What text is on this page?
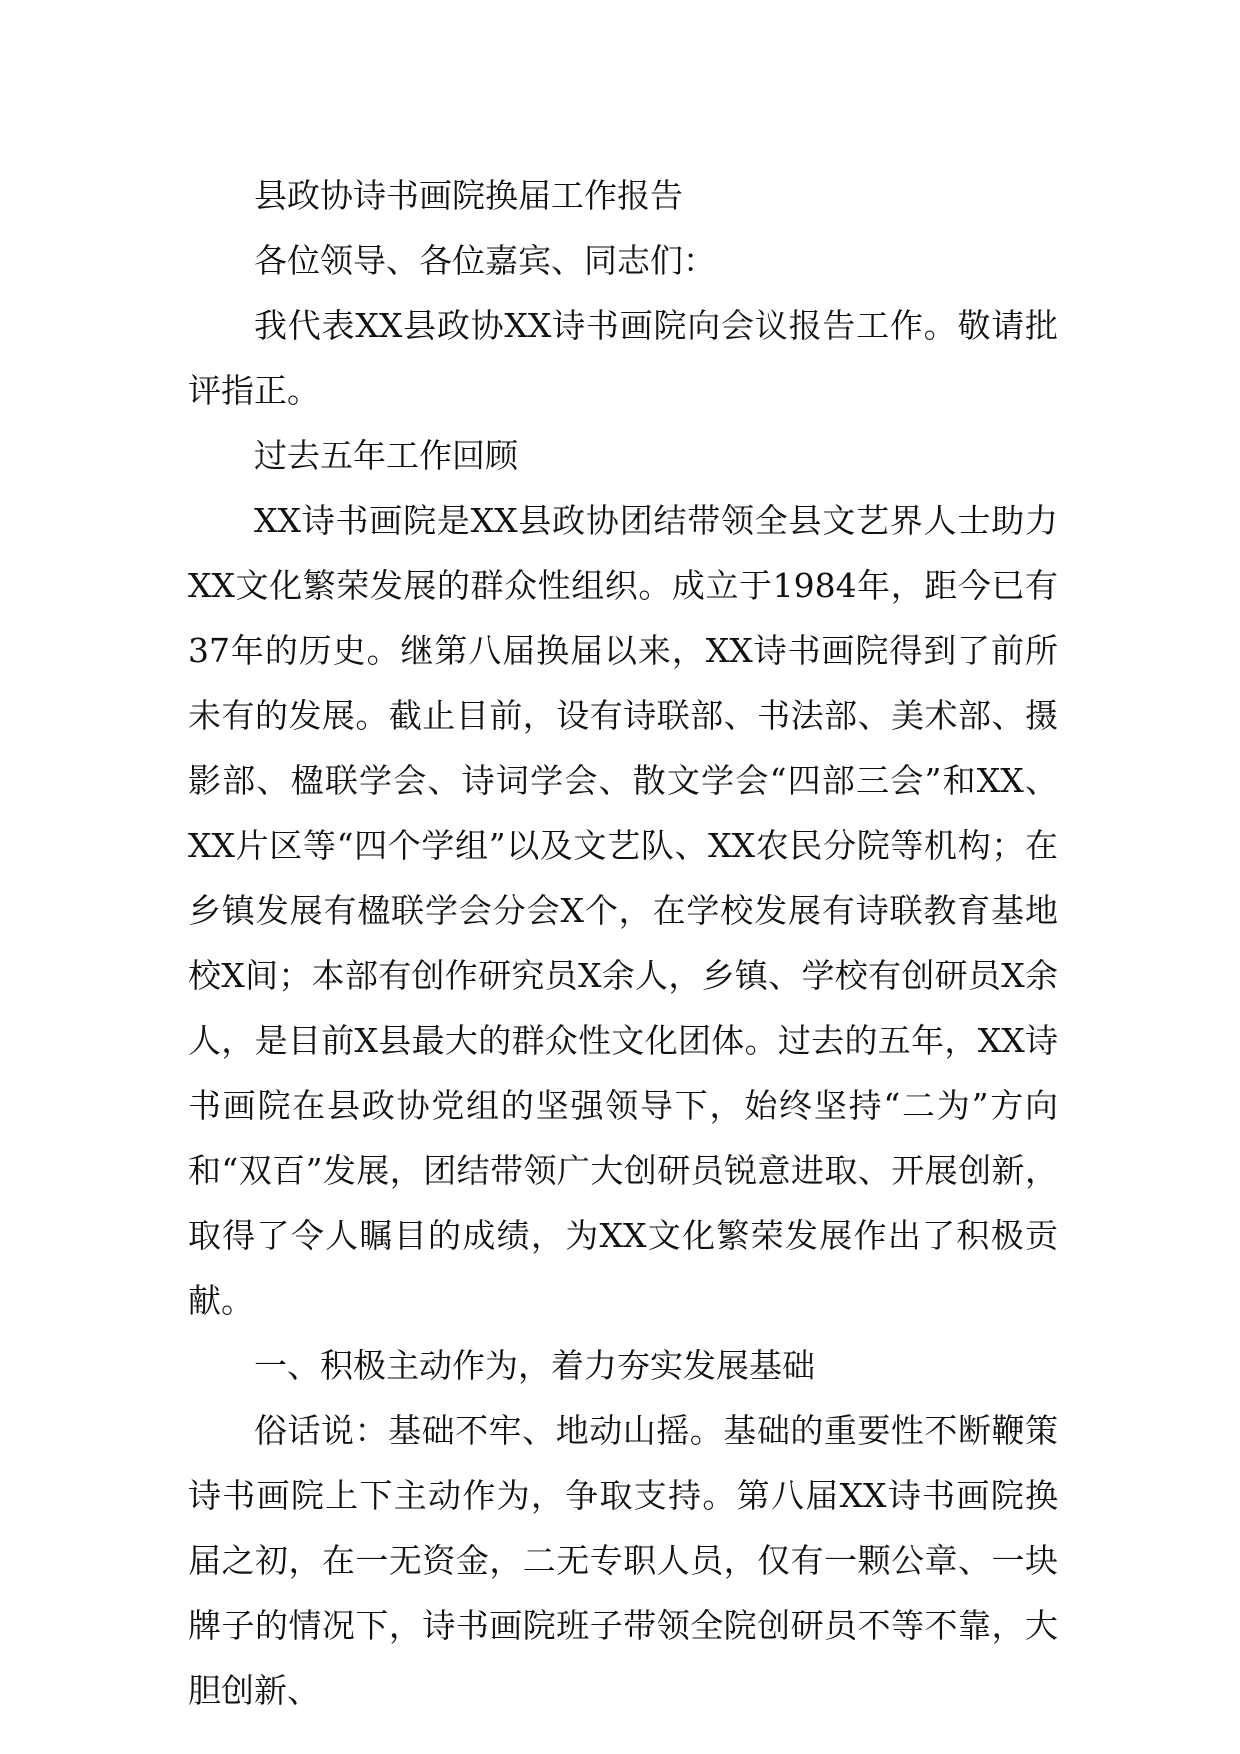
县政协诗书画院换届工作报告

各位领导、各位嘉宾、同志们：

我代表XX县政协XX诗书画院向会议报告工作。敬请批评指正。

过去五年工作回顾

XX诗书画院是XX县政协团结带领全县文艺界人士助力XX文化繁荣发展的群众性组织。成立于1984年，距今已有37年的历史。继第八届换届以来，XX诗书画院得到了前所未有的发展。截止目前，设有诗联部、书法部、美术部、摄影部、楹联学会、诗词学会、散文学会“四部三会”和XX、XX片区等“四个学组”以及文艺队、XX农民分院等机构；在乡镇发展有楹联学会分会X个，在学校发展有诗联教育基地校X间；本部有创作研究员X余人，乡镇、学校有创研员X余人，是目前X县最大的群众性文化团体。过去的五年，XX诗书画院在县政协党组的坚强领导下，始终坚持“二为”方向和“双百”发展，团结带领广大创研员锐意进取、开展创新，取得了令人瞩目的成绩，为XX文化繁荣发展作出了积极贡献。

一、积极主动作为，着力夯实发展基础

俗话说：基础不牢、地动山摇。基础的重要性不断鞭策诗书画院上下主动作为，争取支持。第八届XX诗书画院换届之初，在一无资金，二无专职人员，仅有一颗公章、一块牌子的情况下，诗书画院班子带领全院创研员不等不靠，大胆创新、
